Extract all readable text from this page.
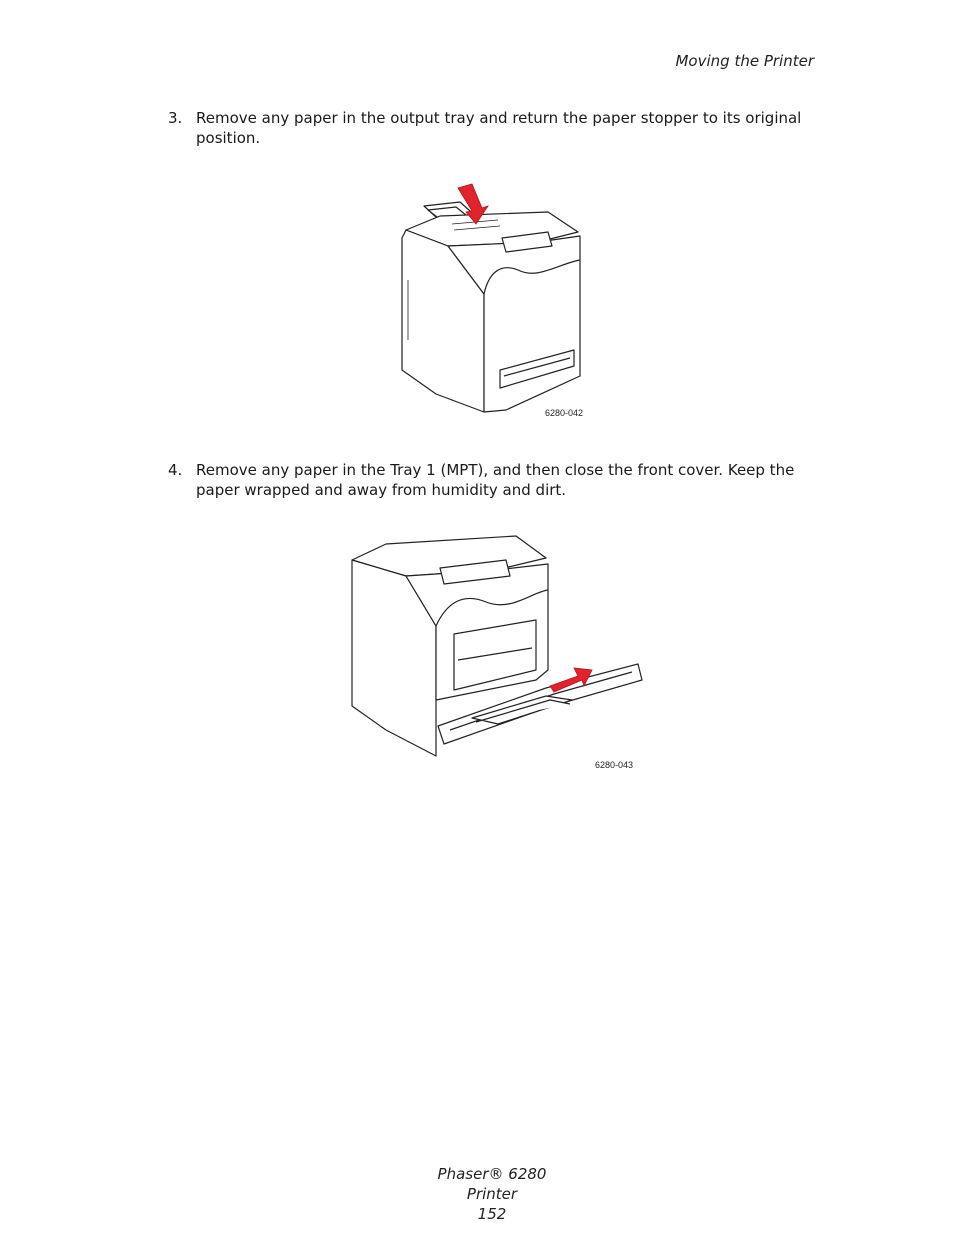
Moving the Printer
3. Remove any paper in the output tray and return the paper stopper to its original position.
6280-042
4. Remove any paper in the Tray 1 (MPT), and then close the front cover. Keep the paper wrapped and away from humidity and dirt.
6280-043
Phaser® 6280 Printer
152
